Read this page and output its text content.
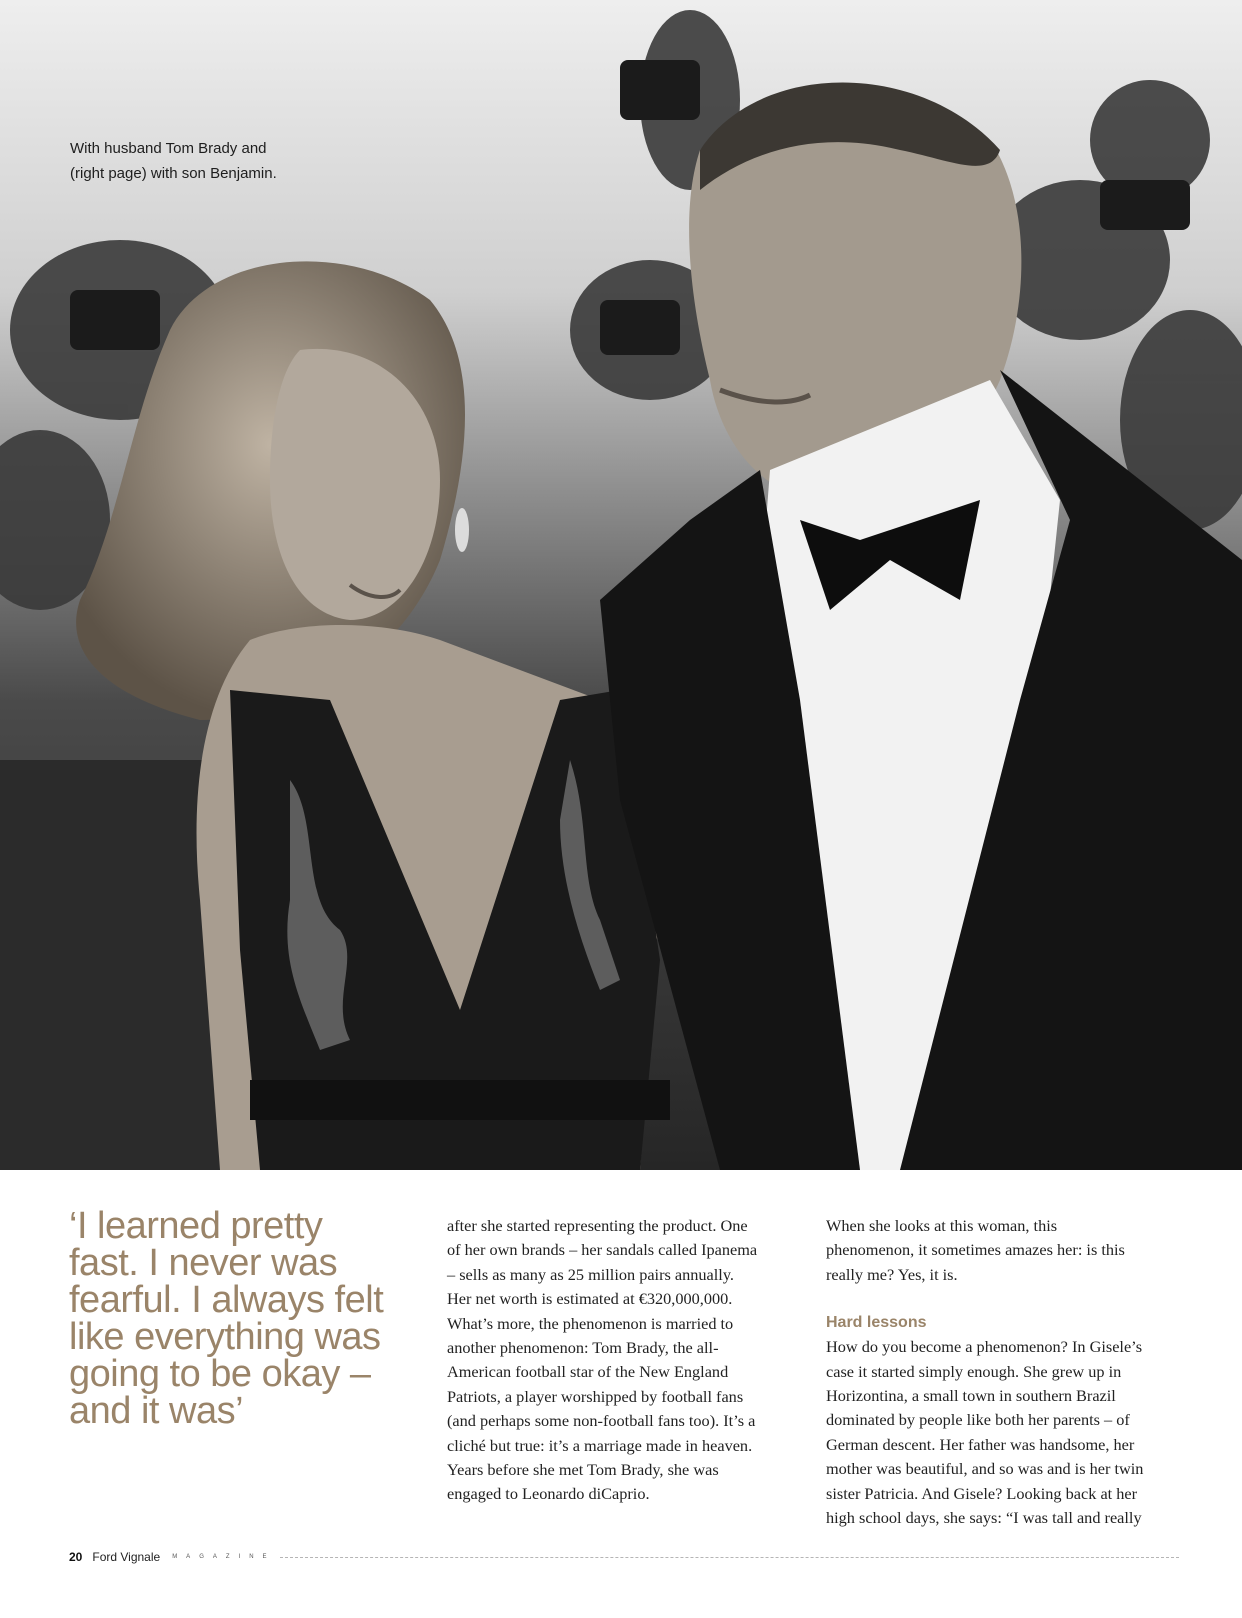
With husband Tom Brady and
(right page) with son Benjamin.
‘I learned pretty
fast. I never was
fearful. I always felt
like everything was
going to be okay –
and it was’
after she started representing the product. One
of her own brands – her sandals called Ipanema
– sells as many as 25 million pairs annually.
Her net worth is estimated at €320,000,000.
What’s more, the phenomenon is married to
another phenomenon: Tom Brady, the all-
American football star of the New England
Patriots, a player worshipped by football fans
(and perhaps some non-football fans too). It’s a
cliché but true: it’s a marriage made in heaven.
Years before she met Tom Brady, she was
engaged to Leonardo diCaprio.
When she looks at this woman, this
phenomenon, it sometimes amazes her: is this
really me? Yes, it is.
Hard lessons
How do you become a phenomenon? In Gisele’s
case it started simply enough. She grew up in
Horizontina, a small town in southern Brazil
dominated by people like both her parents – of
German descent. Her father was handsome, her
mother was beautiful, and so was and is her twin
sister Patricia. And Gisele? Looking back at her
high school days, she says: “I was tall and really
20 Ford Vignale MAGAZINE
